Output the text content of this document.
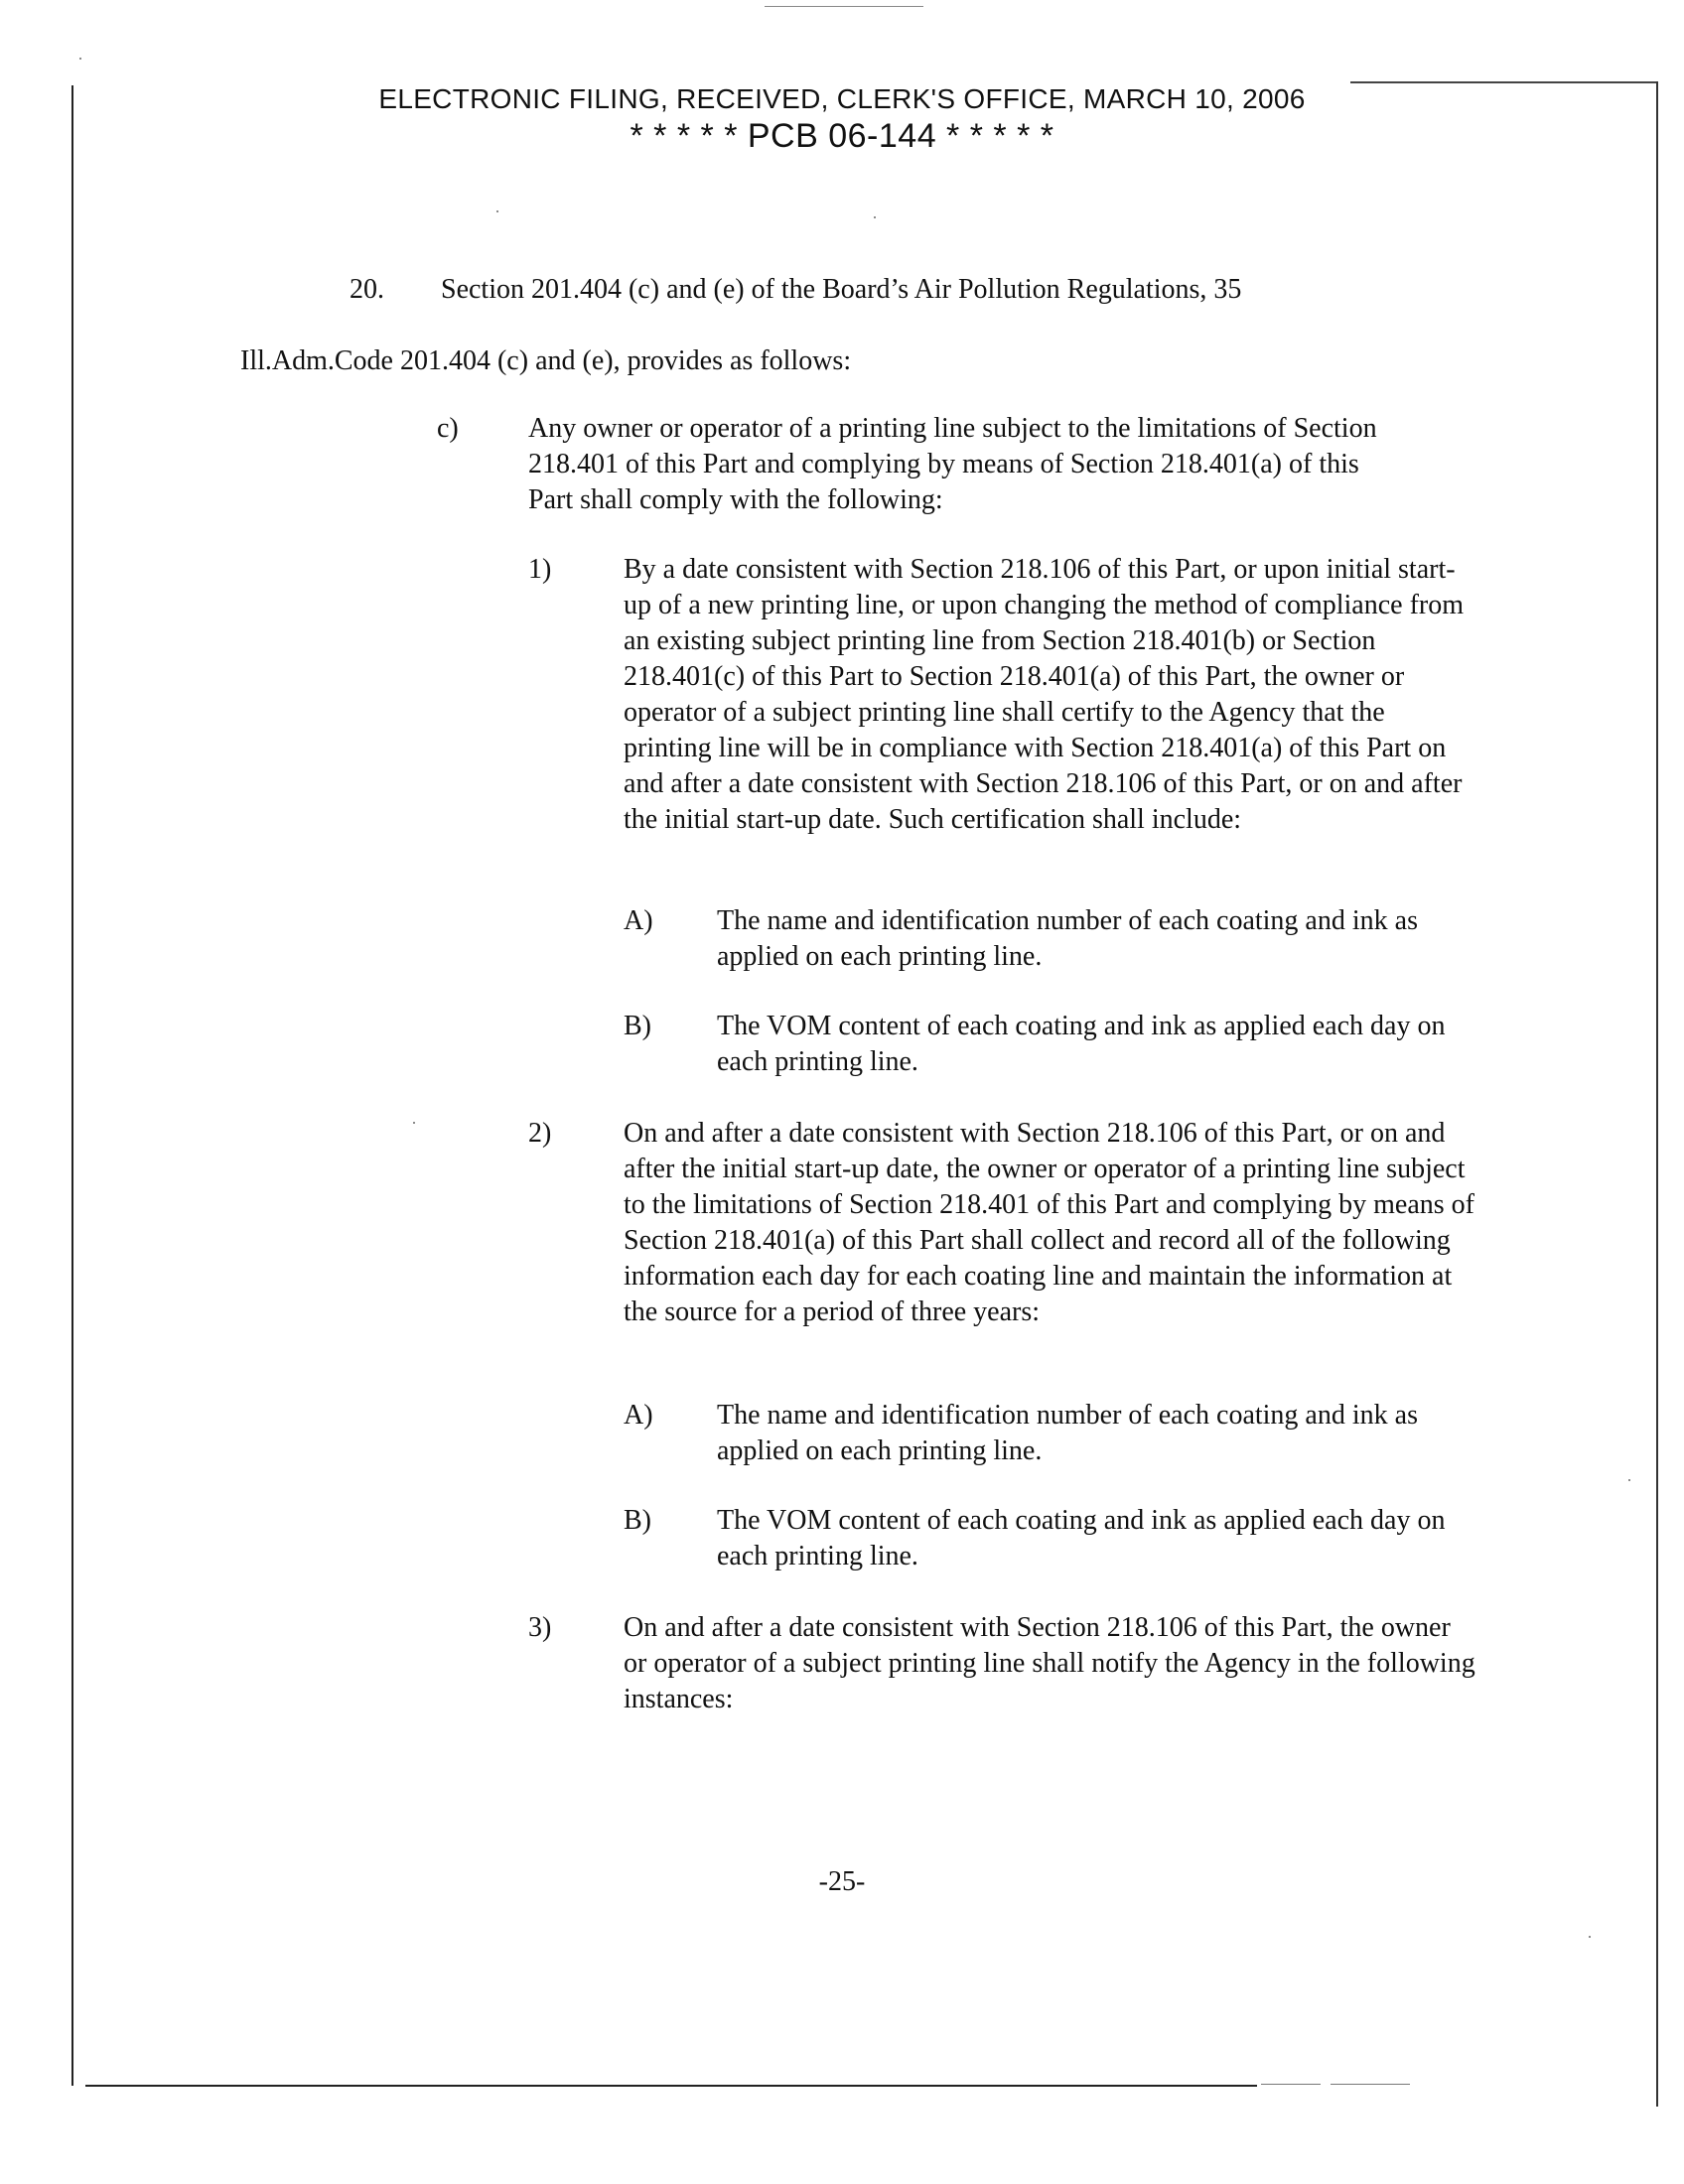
ELECTRONIC FILING, RECEIVED, CLERK'S OFFICE, MARCH 10, 2006
* * * * * PCB 06-144 * * * * *
20. Section 201.404 (c) and (e) of the Board’s Air Pollution Regulations, 35
Ill.Adm.Code 201.404 (c) and (e), provides as follows:
c)	Any owner or operator of a printing line subject to the limitations of Section 218.401 of this Part and complying by means of Section 218.401(a) of this Part shall comply with the following:
1)	By a date consistent with Section 218.106 of this Part, or upon initial start-up of a new printing line, or upon changing the method of compliance from an existing subject printing line from Section 218.401(b) or Section 218.401(c) of this Part to Section 218.401(a) of this Part, the owner or operator of a subject printing line shall certify to the Agency that the printing line will be in compliance with Section 218.401(a) of this Part on and after a date consistent with Section 218.106 of this Part, or on and after the initial start-up date. Such certification shall include:
A) The name and identification number of each coating and ink as applied on each printing line.
B) The VOM content of each coating and ink as applied each day on each printing line.
2)	On and after a date consistent with Section 218.106 of this Part, or on and after the initial start-up date, the owner or operator of a printing line subject to the limitations of Section 218.401 of this Part and complying by means of Section 218.401(a) of this Part shall collect and record all of the following information each day for each coating line and maintain the information at the source for a period of three years:
A) The name and identification number of each coating and ink as applied on each printing line.
B) The VOM content of each coating and ink as applied each day on each printing line.
3)	On and after a date consistent with Section 218.106 of this Part, the owner or operator of a subject printing line shall notify the Agency in the following instances:
-25-
